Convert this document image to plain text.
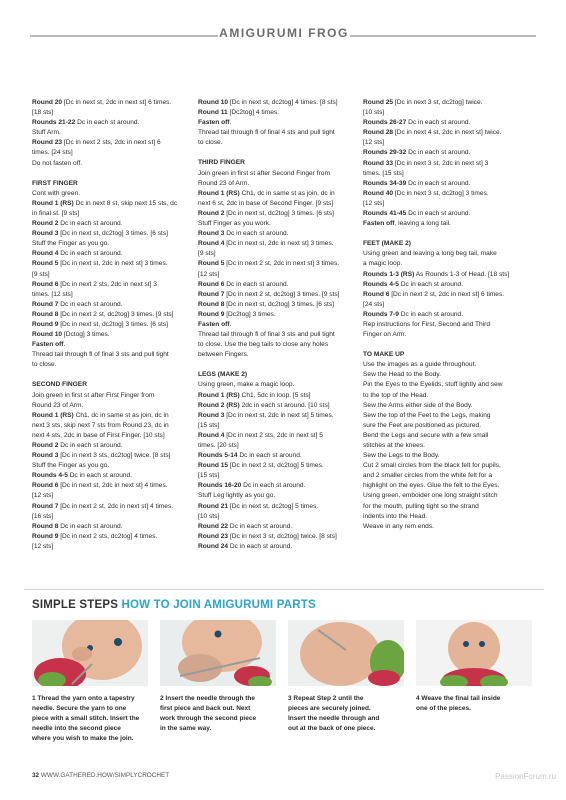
AMIGURUMI FROG
Round 20 [Dc in next st, 2dc in next st] 6 times.
[18 sts]
Rounds 21-22 Dc in each st around.
Stuff Arm.
Round 23 [Dc in next 2 sts, 2dc in next st] 6
times. [24 sts]
Do not fasten off.
FIRST FINGER
Cont with green.
Round 1 (RS) Dc in next 8 st, skip next 15 sts, dc
in final st. [9 sts]
Round 2 Dc in each st around.
Round 3 [Dc in next st, dc2tog] 3 times. [6 sts]
Stuff the Finger as you go.
Round 4 Dc in each st around.
Round 5 [Dc in next st, 2dc in next st] 3 times.
[9 sts]
Round 6 [Dc in next 2 sts, 2dc in next st] 3
times. [12 sts]
Round 7 Dc in each st around.
Round 8 [Dc in next 2 st, dc2tog] 3 times. [9 sts]
Round 9 [Dc in next st, dc2tog] 3 times. [6 sts]
Round 10 [Dctog] 3 times.
Fasten off.
Thread tail through fl of final 3 sts and pull tight
to close.
SECOND FINGER
Join green in first st after First Finger from
Round 23 of Arm.
Round 1 (RS) Ch1, dc in same st as join, dc in
next 3 sts, skip next 7 sts from Round 23, dc in
next 4 sts, 2dc in base of First Finger. [10 sts]
Round 2 Dc in each st around.
Round 3 [Dc in next 3 sts, dc2tog] twice. [8 sts]
Stuff the Finger as you go.
Rounds 4-5 Dc in each st around.
Round 6 [Dc in next st, 2dc in next st] 4 times.
[12 sts]
Round 7 [Dc in next 2 st, 2dc in next st] 4 times.
[16 sts]
Round 8 Dc in each st around.
Round 9 [Dc in next 2 sts, dc2tog] 4 times.
[12 sts]
Round 10 [Dc in next st, dc2tog] 4 times. [8 sts]
Round 11 [Dc2tog] 4 times.
Fasten off.
Thread tail through fl of final 4 sts and pull tight
to close.
THIRD FINGER
Join green in first st after Second Finger from
Round 23 of Arm.
Round 1 (RS) Ch1, dc in same st as join, dc in
next 6 st, 2dc in base of Second Finger. [9 sts]
Round 2 [Dc in next st, dc2tog] 3 times. [6 sts]
Stuff Finger as you work.
Round 3 Dc in each st around.
Round 4 [Dc in next st, 2dc in next st] 3 times.
[9 sts]
Round 5 [Dc in next 2 st, 2dc in next st] 3 times.
[12 sts]
Round 6 Dc in each st around.
Round 7 [Dc in next 2 st, dc2tog] 3 times. [9 sts]
Round 8 [Dc in next st, dc2tog] 3 times. [6 sts]
Round 9 [Dc2tog] 3 times.
Fasten off.
Thread tail through fl of final 3 sts and pull tight
to close. Use the beg tails to close any holes
between Fingers.
LEGS (MAKE 2)
Using green, make a magic loop.
Round 1 (RS) Ch1, 5dc in loop. [5 sts]
Round 2 (RS) 2dc in each st around. [10 sts]
Round 3 [Dc in next st, 2dc in next st] 5 times.
[15 sts]
Round 4 [Dc in next 2 sts, 2dc in next st] 5
times. [20 sts]
Rounds 5-14 Dc in each st around.
Round 15 [Dc in next 2 st, dc2tog] 5 times.
[15 sts]
Rounds 16-20 Dc in each st around.
Stuff Leg lightly as you go.
Round 21 [Dc in next st, dc2tog] 5 times.
[10 sts]
Round 22 Dc in each st around.
Round 23 [Dc in next 3 st, dc2tog] twice. [8 sts]
Round 24 Dc in each st around.
Round 25 [Dc in next 3 st, dc2tog] twice.
[10 sts]
Rounds 26-27 Dc in each st around.
Round 28 [Dc in next 4 st, 2dc in next st] twice.
[12 sts]
Rounds 29-32 Dc in each st around.
Round 33 [Dc in next 3 st, 2dc in next st] 3
times. [15 sts]
Rounds 34-39 Dc in each st around.
Round 40 [Dc in next 3 st, dc2tog] 3 times.
[12 sts]
Rounds 41-45 Dc in each st around.
Fasten off, leaving a long tail.
FEET (MAKE 2)
Using green and leaving a long beg tail, make
a magic loop.
Rounds 1-3 (RS) As Rounds 1-3 of Head. [18 sts]
Rounds 4-5 Dc in each st around.
Round 6 [Dc in next 2 st, 2dc in next st] 6 times.
[24 sts]
Rounds 7-9 Dc in each st around.
Rep instructions for First, Second and Third
Finger on Arm.
TO MAKE UP
Use the images as a guide throughout.
Sew the Head to the Body.
Pin the Eyes to the Eyelids, stuff lightly and sew
to the top of the Head.
Sew the Arms either side of the Body.
Sew the top of the Feet to the Legs, making
sure the Feet are positioned as pictured.
Bend the Legs and secure with a few small
stitches at the knees.
Sew the Legs to the Body.
Cut 2 small circles from the black felt for pupils,
and 2 smaller circles from the white felt for a
highlight on the eyes. Glue the felt to the Eyes.
Using green, emboider one long straight stitch
for the mouth, pulling tight so the strand
indents into the Head.
Weave in any rem ends.
SIMPLE STEPS HOW TO JOIN AMIGURUMI PARTS
1 Thread the yarn onto a tapestry
needle. Secure the yarn to one
piece with a small stitch. Insert the
needle into the second piece
where you wish to make the join.
2 Insert the needle through the
first piece and back out. Next
work through the second piece
in the same way.
3 Repeat Step 2 until the
pieces are securely joined.
Insert the needle through and
out at the back of one piece.
4 Weave the final tail inside
one of the pieces.
32 WWW.GATHERED.HOW/SIMPLYCROCHET	PassionForum.ru
